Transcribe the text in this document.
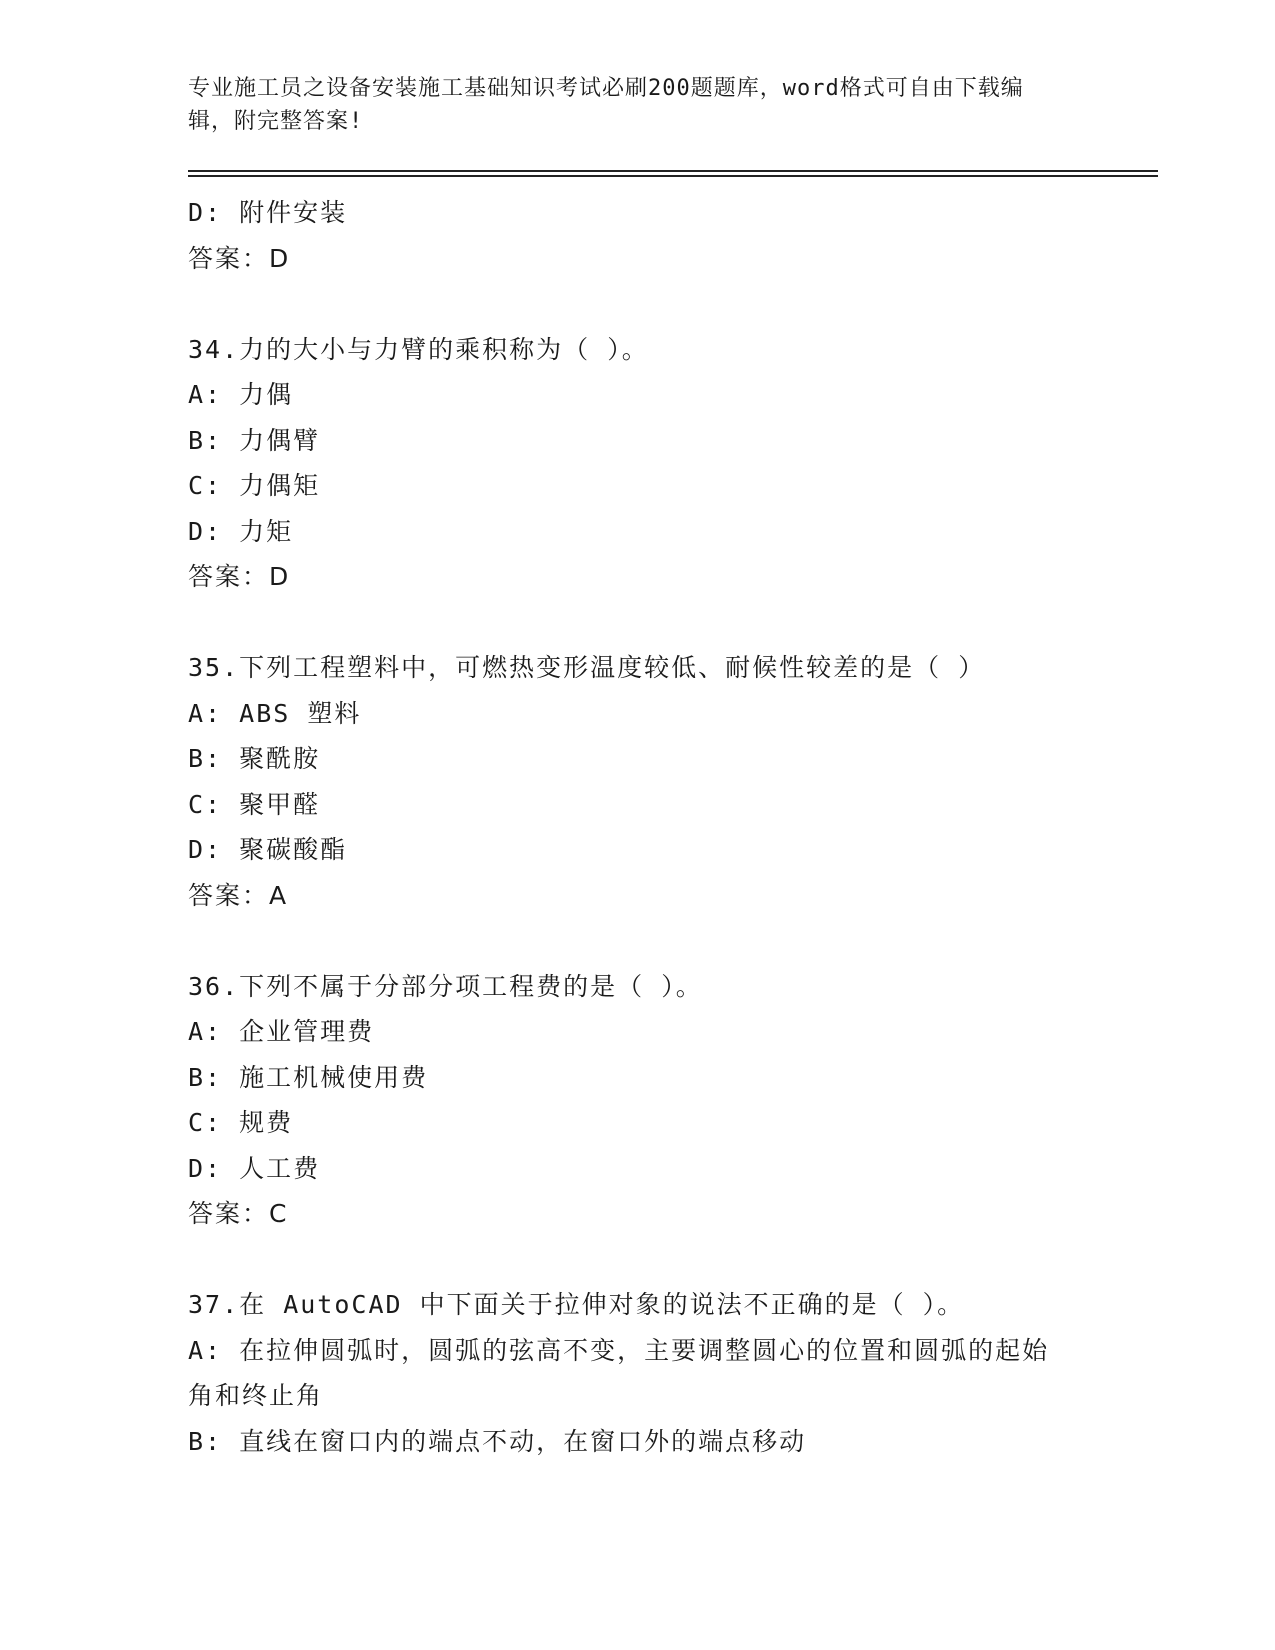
专业施工员之设备安装施工基础知识考试必刷200题题库，word格式可自由下载编辑，附完整答案!
D: 附件安装
答案：D
34.力的大小与力臂的乘积称为（ ）。
A: 力偶
B: 力偶臂
C: 力偶矩
D: 力矩
答案：D
35.下列工程塑料中，可燃热变形温度较低、耐候性较差的是（ ）
A: ABS 塑料
B: 聚酰胺
C: 聚甲醛
D: 聚碳酸酯
答案：A
36.下列不属于分部分项工程费的是（ ）。
A: 企业管理费
B: 施工机械使用费
C: 规费
D: 人工费
答案：C
37.在 AutoCAD 中下面关于拉伸对象的说法不正确的是（ ）。
A: 在拉伸圆弧时，圆弧的弦高不变，主要调整圆心的位置和圆弧的起始角和终止角
B: 直线在窗口内的端点不动，在窗口外的端点移动
